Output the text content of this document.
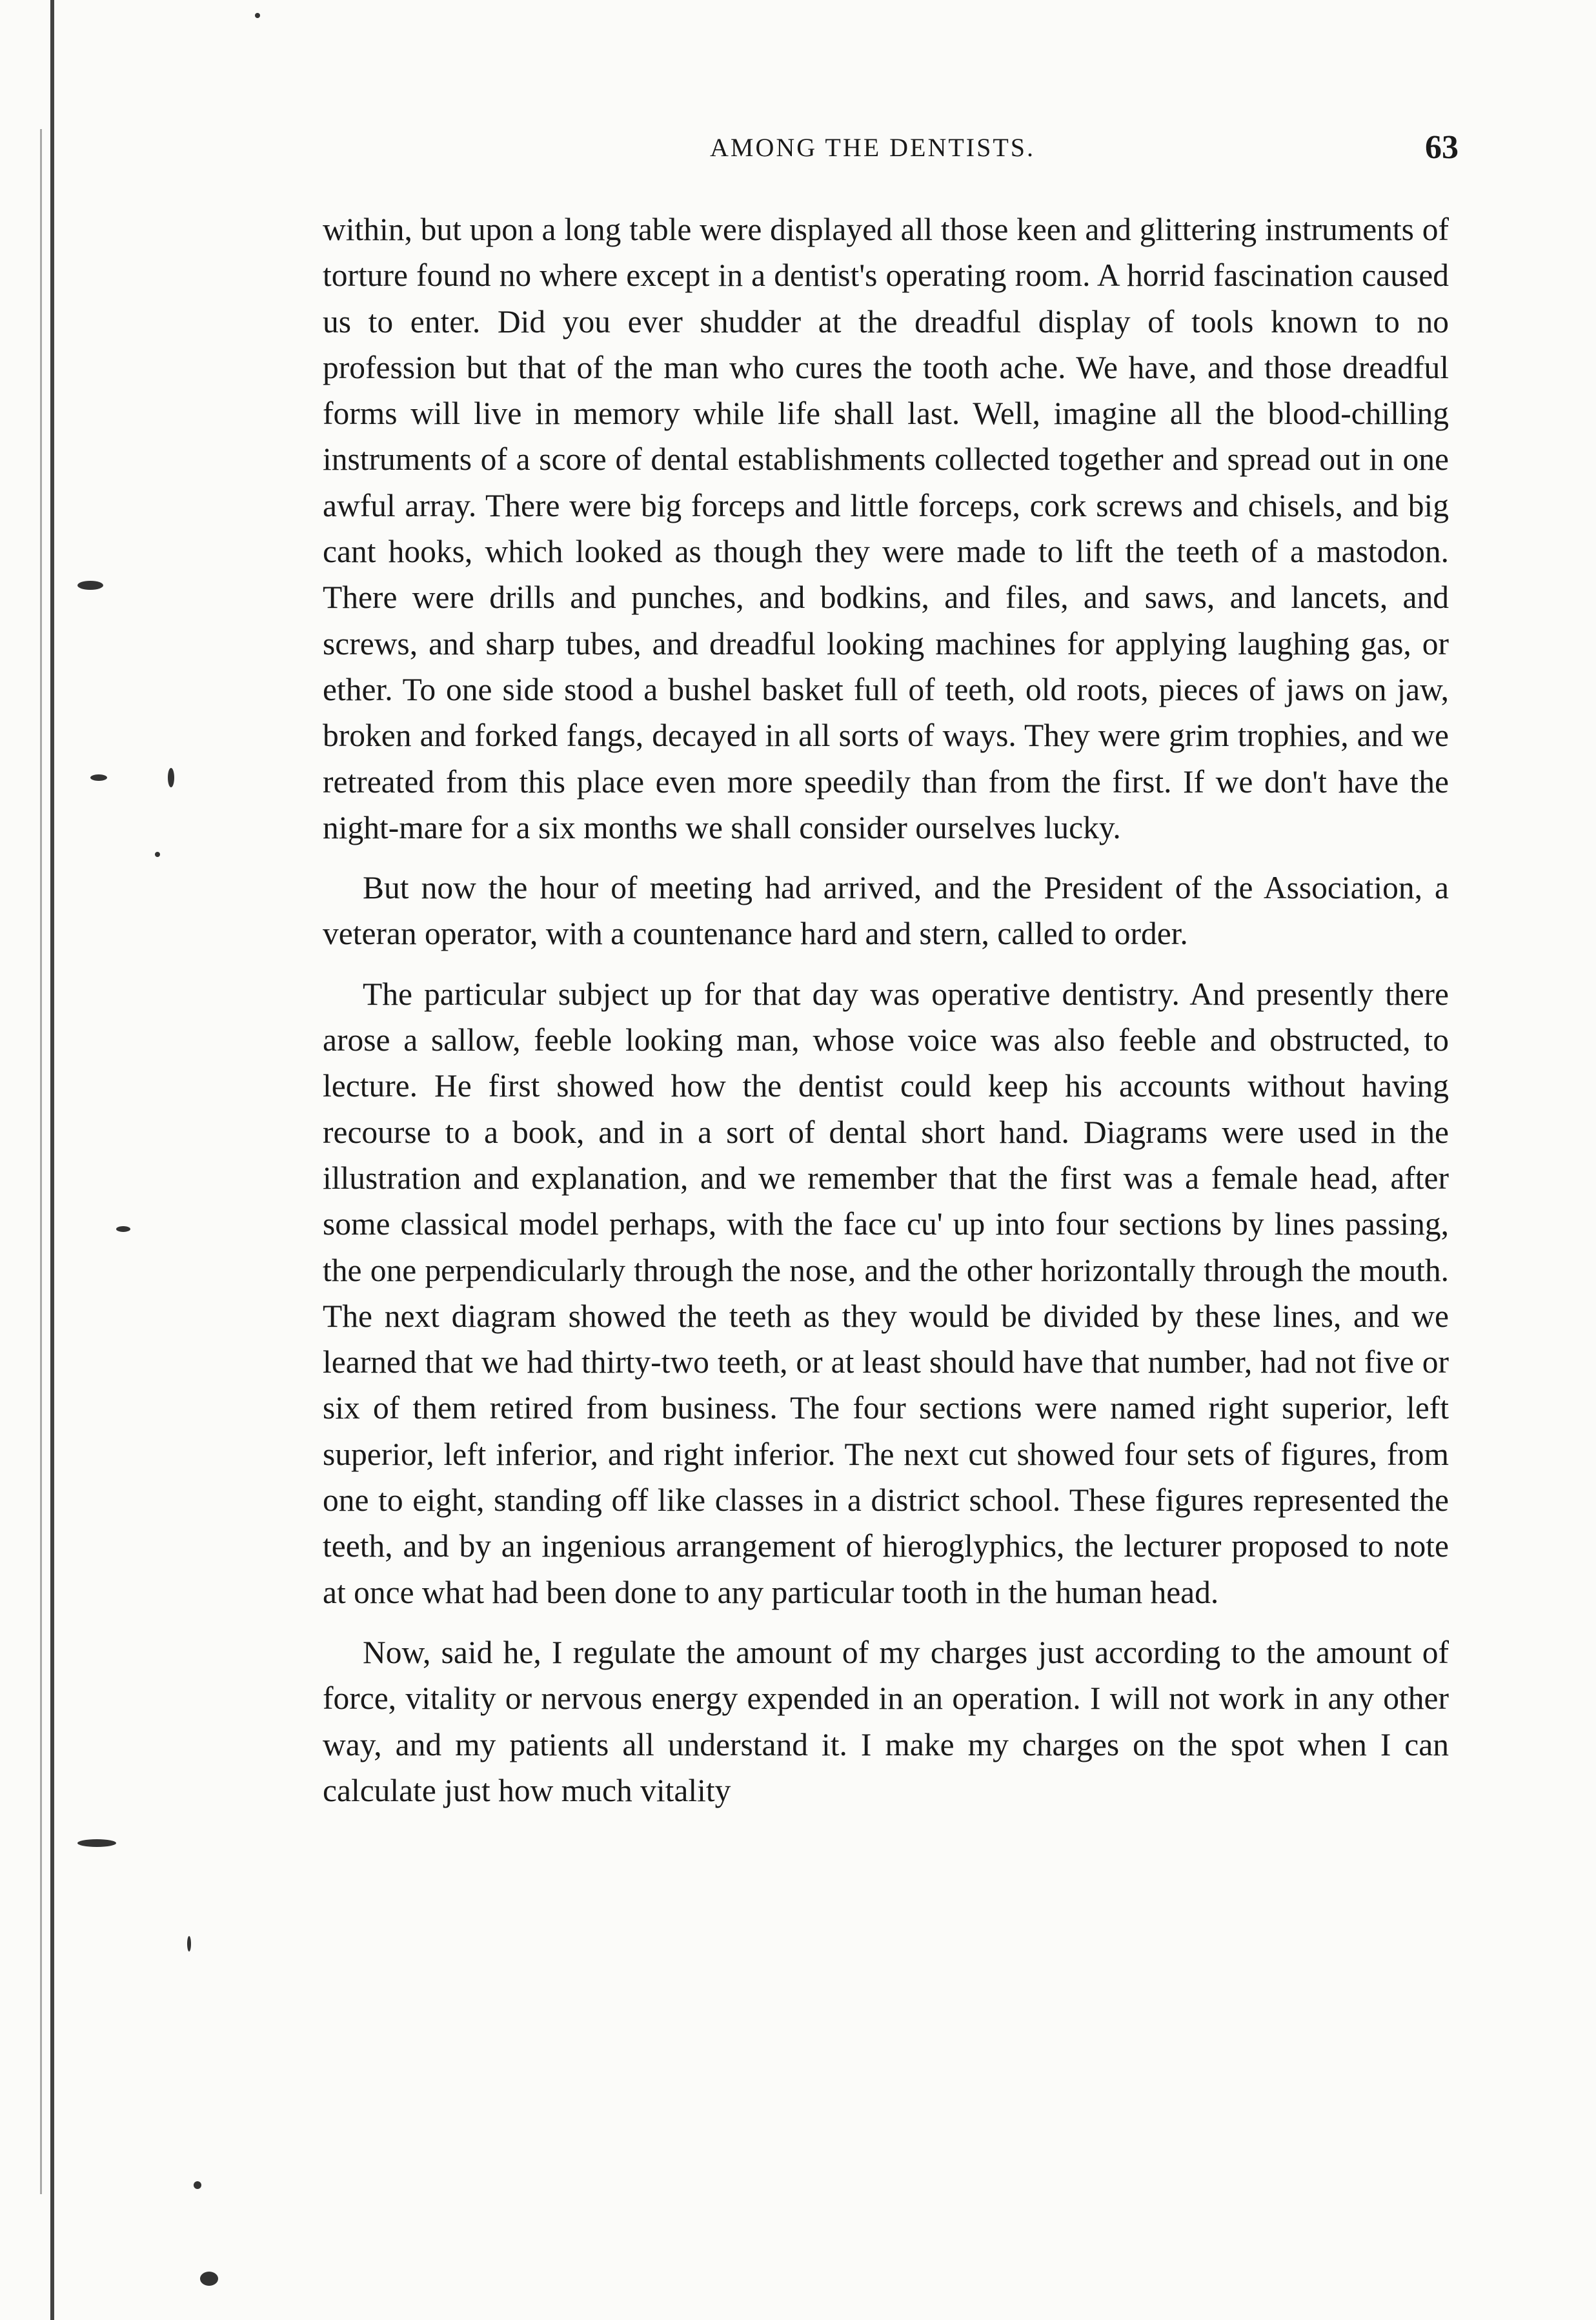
AMONG THE DENTISTS.	63

within, but upon a long table were displayed all those keen and glittering instruments of torture found no where except in a dentist's operating room. A horrid fascination caused us to enter. Did you ever shudder at the dreadful display of tools known to no profession but that of the man who cures the tooth ache. We have, and those dreadful forms will live in memory while life shall last. Well, imagine all the blood-chilling instruments of a score of dental establishments collected together and spread out in one awful array. There were big forceps and little forceps, cork screws and chisels, and big cant hooks, which looked as though they were made to lift the teeth of a mastodon. There were drills and punches, and bodkins, and files, and saws, and lancets, and screws, and sharp tubes, and dreadful looking machines for applying laughing gas, or ether. To one side stood a bushel basket full of teeth, old roots, pieces of jaws on jaw, broken and forked fangs, decayed in all sorts of ways. They were grim trophies, and we retreated from this place even more speedily than from the first. If we don't have the night-mare for a six months we shall consider ourselves lucky.

But now the hour of meeting had arrived, and the President of the Association, a veteran operator, with a countenance hard and stern, called to order.

The particular subject up for that day was operative dentistry. And presently there arose a sallow, feeble looking man, whose voice was also feeble and obstructed, to lecture. He first showed how the dentist could keep his accounts without having recourse to a book, and in a sort of dental short hand. Diagrams were used in the illustration and explanation, and we remember that the first was a female head, after some classical model perhaps, with the face cu' up into four sections by lines passing, the one perpendicularly through the nose, and the other horizontally through the mouth. The next diagram showed the teeth as they would be divided by these lines, and we learned that we had thirty-two teeth, or at least should have that number, had not five or six of them retired from business. The four sections were named right superior, left superior, left inferior, and right inferior. The next cut showed four sets of figures, from one to eight, standing off like classes in a district school. These figures represented the teeth, and by an ingenious arrangement of hieroglyphics, the lecturer proposed to note at once what had been done to any particular tooth in the human head.

Now, said he, I regulate the amount of my charges just according to the amount of force, vitality or nervous energy expended in an operation. I will not work in any other way, and my patients all understand it. I make my charges on the spot when I can calculate just how much vitality
